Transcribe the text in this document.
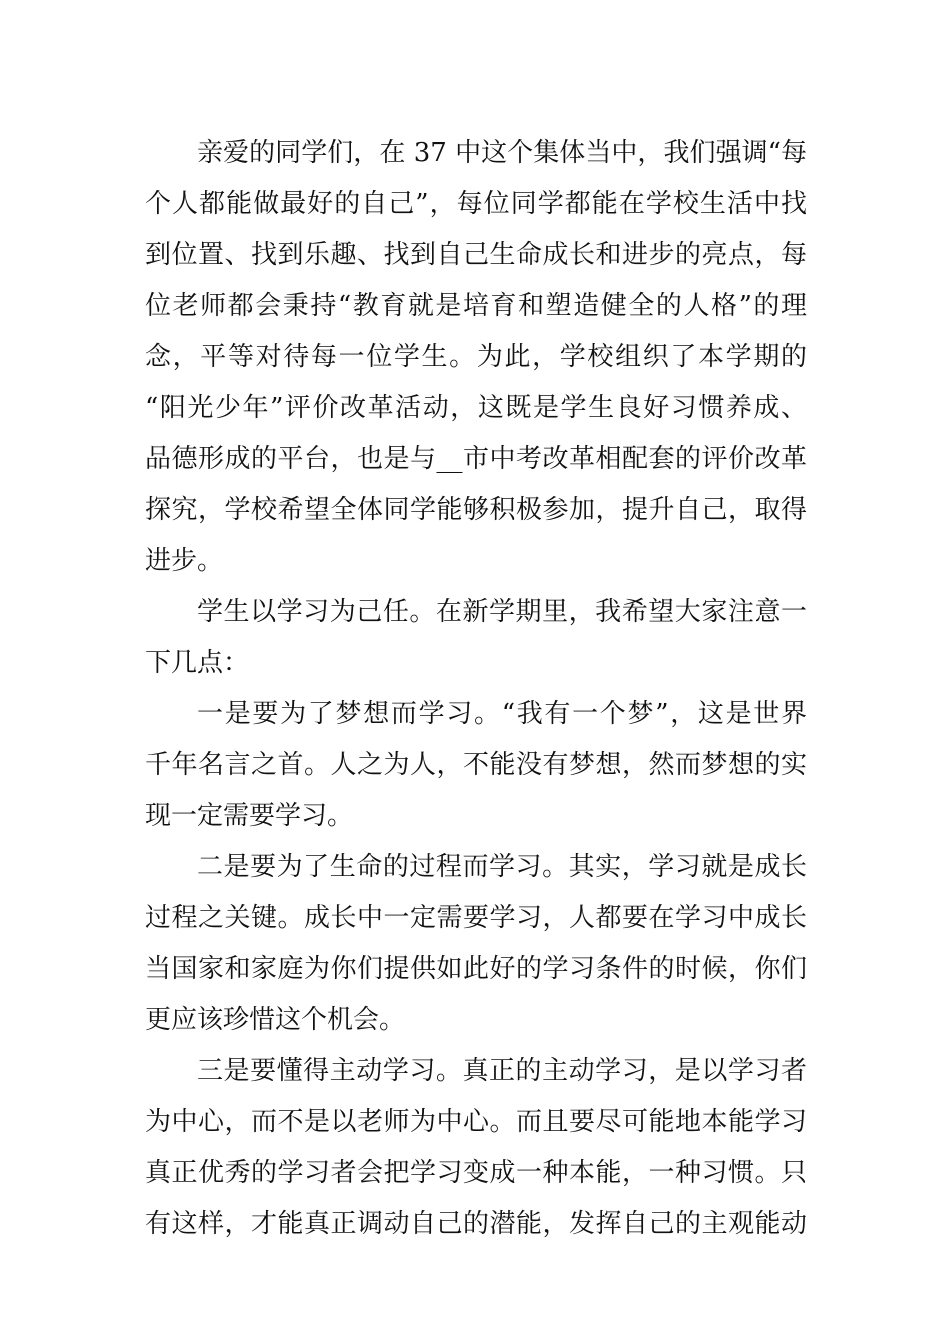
亲爱的同学们，在 37 中这个集体当中，我们强调“每
个人都能做最好的自己”，每位同学都能在学校生活中找
到位置、找到乐趣、找到自己生命成长和进步的亮点，每
位老师都会秉持“教育就是培育和塑造健全的人格”的理
念，平等对待每一位学生。为此，学校组织了本学期的
“阳光少年”评价改革活动，这既是学生良好习惯养成、
品德形成的平台，也是与__市中考改革相配套的评价改革
探究，学校希望全体同学能够积极参加，提升自己，取得
进步。
学生以学习为己任。在新学期里，我希望大家注意一
下几点：
一是要为了梦想而学习。“我有一个梦”，这是世界
千年名言之首。人之为人，不能没有梦想，然而梦想的实
现一定需要学习。
二是要为了生命的过程而学习。其实，学习就是成长
过程之关键。成长中一定需要学习，人都要在学习中成长
当国家和家庭为你们提供如此好的学习条件的时候，你们
更应该珍惜这个机会。
三是要懂得主动学习。真正的主动学习，是以学习者
为中心，而不是以老师为中心。而且要尽可能地本能学习
真正优秀的学习者会把学习变成一种本能，一种习惯。只
有这样，才能真正调动自己的潜能，发挥自己的主观能动
